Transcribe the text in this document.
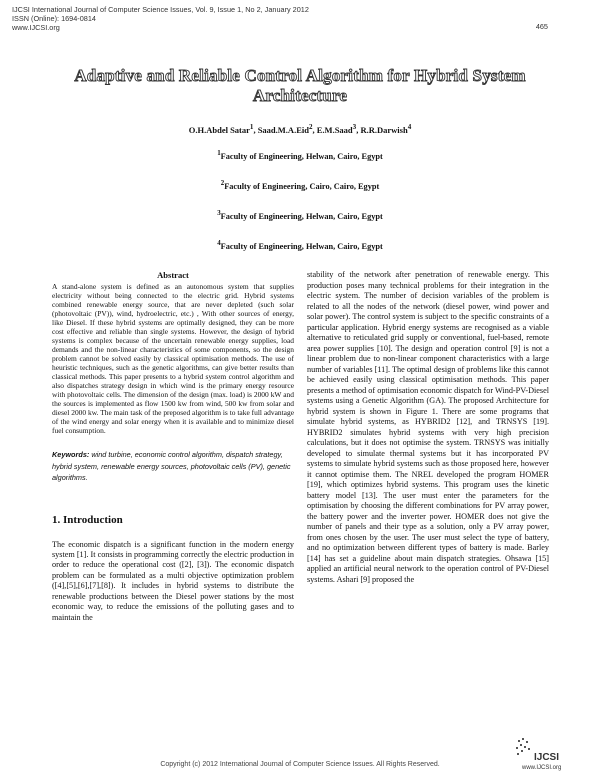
IJCSI International Journal of Computer Science Issues, Vol. 9, Issue 1, No 2, January 2012
ISSN (Online): 1694-0814
www.IJCSI.org	465
Adaptive and Reliable Control Algorithm for Hybrid System Architecture
O.H.Abdel Satar$^1$, Saad.M.A.Eid$^2$, E.M.Saad$^3$, R.R.Darwish$^4$
$^1$Faculty of Engineering, Helwan, Cairo, Egypt
$^2$Faculty of Engineering, Cairo, Cairo, Egypt
$^3$Faculty of Engineering, Helwan, Cairo, Egypt
$^4$Faculty of Engineering, Helwan, Cairo, Egypt
Abstract

A stand-alone system is defined as an autonomous system that supplies electricity without being connected to the electric grid. Hybrid systems combined renewable energy source, that are never depleted (such solar (photovoltaic (PV)), wind, hydroelectric, etc.) , With other sources of energy, like Diesel. If these hybrid systems are optimally designed, they can be more cost effective and reliable than single systems. However, the design of hybrid systems is complex because of the uncertain renewable energy supplies, load demands and the non-linear characteristics of some components, so the design problem cannot be solved easily by classical optimisation methods. The use of heuristic techniques, such as the genetic algorithms, can give better results than classical methods. This paper presents to a hybrid system control algorithm and also dispatches strategy design in which wind is the primary energy resource with photovoltaic cells. The dimension of the design (max. load) is 2000 kW and the sources is implemented as flow 1500 kw from wind, 500 kw from solar and diesel 2000 kw. The main task of the preposed algorithm is to take full advantage of the wind energy and solar energy when it is available and to minimize diesel fuel consumption.

Keywords: wind turbine, economic control algorithm, dispatch strategy, hybrid system, renewable energy sources, photovoltaic cells (PV), genetic algorithms.

1. Introduction

The economic dispatch is a significant function in the modern energy system [1]. It consists in programming correctly the electric production in order to reduce the operational cost ([2], [3]). The economic dispatch problem can be formulated as a multi objective optimization problem ([4],[5],[6],[7],[8]). It includes in hybrid systems to distribute the renewable productions between the Diesel power stations by the most economic way, to reduce the emissions of the polluting gases and to maintain the

stability of the network after penetration of renewable energy. This production poses many technical problems for their integration in the electric system. The number of decision variables of the problem is related to all the nodes of the network (diesel power, wind power and solar power). The control system is subject to the specific constraints of a particular application. Hybrid energy systems are recognised as a viable alternative to reticulated grid supply or conventional, fuel-based, remote area power supplies [10]. The design and operation control [9] is not a linear problem due to non-linear component characteristics with a large number of variables [11]. The optimal design of problems like this cannot be achieved easily using classical optimisation methods. This paper presents a method of optimisation economic dispatch for Wind-PV-Diesel systems using a Genetic Algorithm (GA). The proposed Architecture for hybrid system is shown in Figure 1. There are some programs that simulate hybrid systems, as HYBRID2 [12], and TRNSYS [19]. HYBRID2 simulates hybrid systems with very high precision calculations, but it does not optimise the system. TRNSYS was initially developed to simulate thermal systems but it has incorporated PV systems to simulate hybrid systems such as those proposed here, however it cannot optimise them. The NREL developed the program HOMER [19], which optimizes hybrid systems. This program uses the kinetic battery model [13]. The user must enter the parameters for the optimisation by choosing the different combinations for PV array power, the battery power and the inverter power. HOMER does not give the number of panels and their type as a solution, only a PV array power, from ones chosen by the user. The user must select the type of battery, and no optimization between different types of battery is made. Barley [14] has set a guideline about main dispatch strategies. Ohsawa [15] applied an artificial neural network to the operation control of PV-Diesel systems. Ashari [9] proposed the

Copyright (c) 2012 International Journal of Computer Science Issues. All Rights Reserved.
IJCSI
www.IJCSI.org
